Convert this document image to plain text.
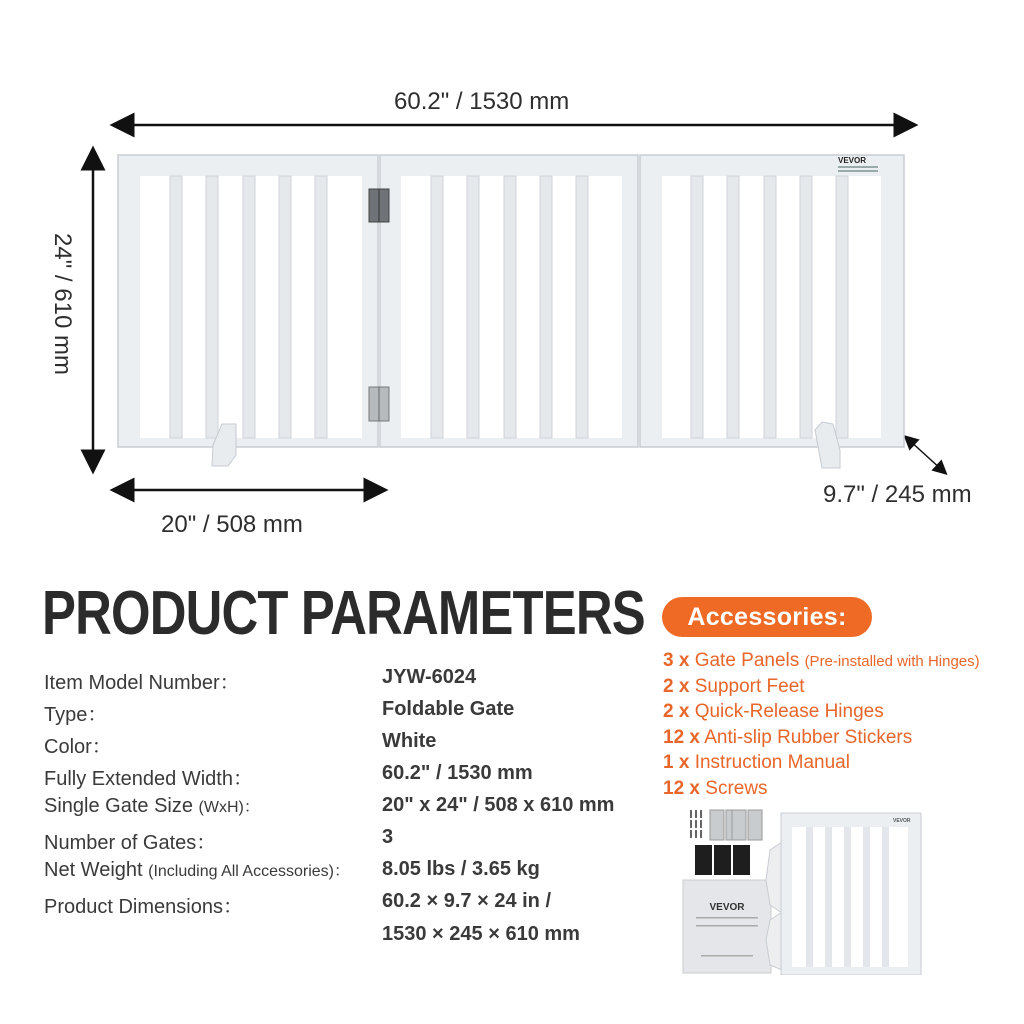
VEVOR
60.2" / 1530 mm
24" / 610 mm
20" / 508 mm
9.7" / 245 mm
PRODUCT PARAMETERS
Item Model Number：	JYW-6024
Type：	Foldable Gate
Color：	White
Fully Extended Width：	60.2" / 1530 mm
Single Gate Size (WxH)：	20" x 24" / 508 x 610 mm
Number of Gates：	3
Net Weight (Including All Accessories)： 8.05 lbs / 3.65 kg
Product Dimensions：	60.2 × 9.7 × 24 in /
1530 × 245 × 610 mm
Accessories:
3 x Gate Panels (Pre-installed with Hinges)
2 x Support Feet
2 x Quick-Release Hinges
12 x Anti-slip Rubber Stickers
1 x Instruction Manual
12 x Screws
VEVOR
VEVOR
